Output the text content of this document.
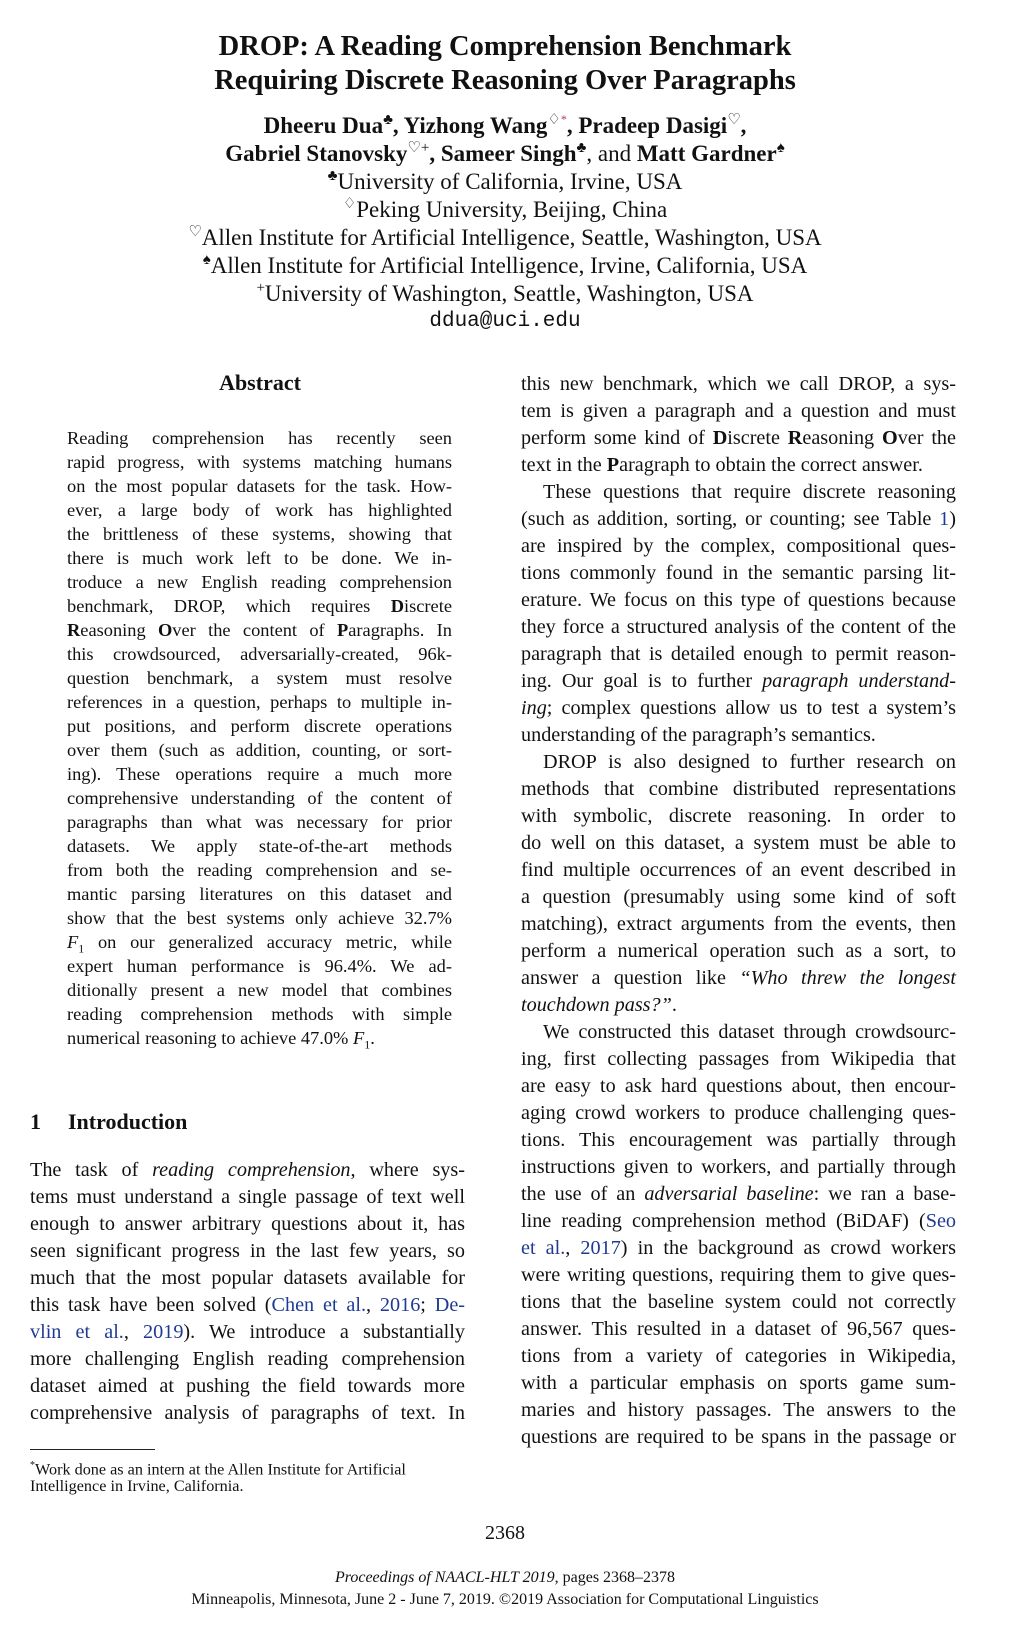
DROP: A Reading Comprehension Benchmark
Requiring Discrete Reasoning Over Paragraphs
Dheeru Dua♣, Yizhong Wang♢*, Pradeep Dasigi♡,
Gabriel Stanovsky♡+, Sameer Singh♣, and Matt Gardner♠
♣University of California, Irvine, USA
♢Peking University, Beijing, China
♡Allen Institute for Artificial Intelligence, Seattle, Washington, USA
♠Allen Institute for Artificial Intelligence, Irvine, California, USA
+University of Washington, Seattle, Washington, USA
ddua@uci.edu
Abstract
Reading comprehension has recently seen
rapid progress, with systems matching humans
on the most popular datasets for the task. How-
ever, a large body of work has highlighted
the brittleness of these systems, showing that
there is much work left to be done. We in-
troduce a new English reading comprehension
benchmark, DROP, which requires Discrete
Reasoning Over the content of Paragraphs. In
this crowdsourced, adversarially-created, 96k-
question benchmark, a system must resolve
references in a question, perhaps to multiple in-
put positions, and perform discrete operations
over them (such as addition, counting, or sort-
ing). These operations require a much more
comprehensive understanding of the content of
paragraphs than what was necessary for prior
datasets. We apply state-of-the-art methods
from both the reading comprehension and se-
mantic parsing literatures on this dataset and
show that the best systems only achieve 32.7%
$F_1$ on our generalized accuracy metric, while
expert human performance is 96.4%. We ad-
ditionally present a new model that combines
reading comprehension methods with simple
numerical reasoning to achieve 47.0% $F_1$.
1 Introduction
The task of reading comprehension, where sys-
tems must understand a single passage of text well
enough to answer arbitrary questions about it, has
seen significant progress in the last few years, so
much that the most popular datasets available for
this task have been solved (Chen et al., 2016; De-
vlin et al., 2019). We introduce a substantially
more challenging English reading comprehension
dataset aimed at pushing the field towards more
comprehensive analysis of paragraphs of text. In
*Work done as an intern at the Allen Institute for Artificial
Intelligence in Irvine, California.
this new benchmark, which we call DROP, a sys-
tem is given a paragraph and a question and must
perform some kind of Discrete Reasoning Over the
text in the Paragraph to obtain the correct answer.
These questions that require discrete reasoning
(such as addition, sorting, or counting; see Table 1)
are inspired by the complex, compositional ques-
tions commonly found in the semantic parsing lit-
erature. We focus on this type of questions because
they force a structured analysis of the content of the
paragraph that is detailed enough to permit reason-
ing. Our goal is to further paragraph understand-
ing; complex questions allow us to test a system’s
understanding of the paragraph’s semantics.
DROP is also designed to further research on
methods that combine distributed representations
with symbolic, discrete reasoning. In order to
do well on this dataset, a system must be able to
find multiple occurrences of an event described in
a question (presumably using some kind of soft
matching), extract arguments from the events, then
perform a numerical operation such as a sort, to
answer a question like “Who threw the longest
touchdown pass?”.
We constructed this dataset through crowdsourc-
ing, first collecting passages from Wikipedia that
are easy to ask hard questions about, then encour-
aging crowd workers to produce challenging ques-
tions. This encouragement was partially through
instructions given to workers, and partially through
the use of an adversarial baseline: we ran a base-
line reading comprehension method (BiDAF) (Seo
et al., 2017) in the background as crowd workers
were writing questions, requiring them to give ques-
tions that the baseline system could not correctly
answer. This resulted in a dataset of 96,567 ques-
tions from a variety of categories in Wikipedia,
with a particular emphasis on sports game sum-
maries and history passages. The answers to the
questions are required to be spans in the passage or
2368
Proceedings of NAACL-HLT 2019, pages 2368–2378
Minneapolis, Minnesota, June 2 - June 7, 2019. ©2019 Association for Computational Linguistics
